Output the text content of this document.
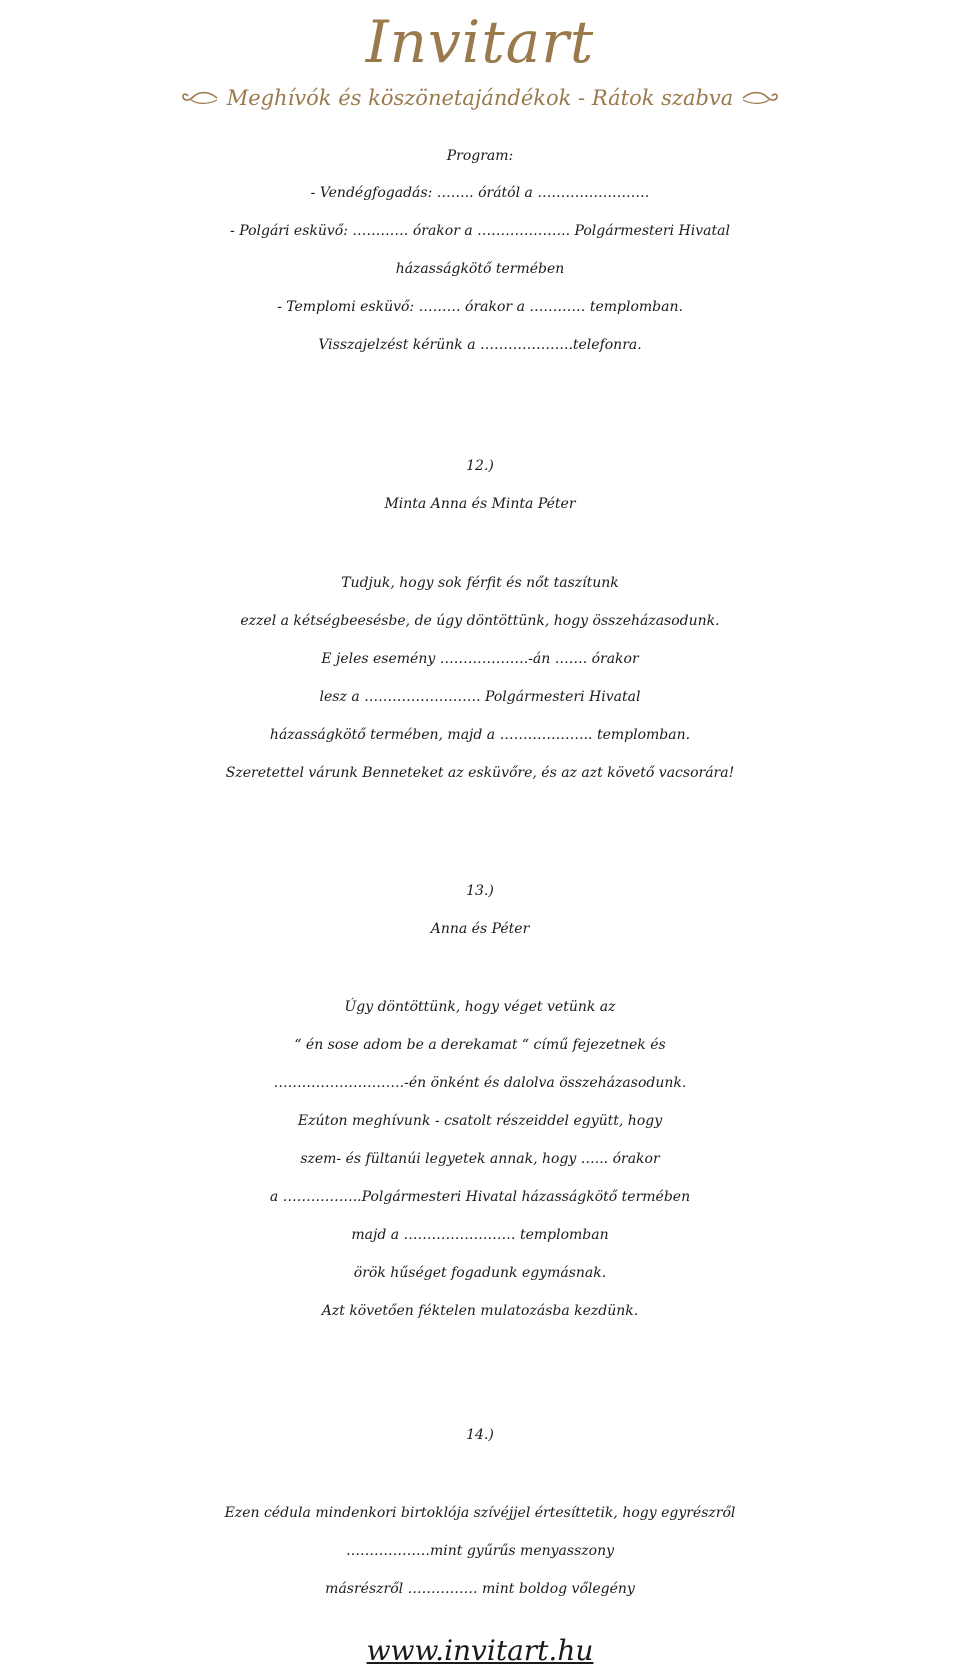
Invitart
Meghívók és köszönetajándékok - Rátok szabva
Program:
- Vendégfogadás: …….. órától a ……………………
- Polgári esküvő: ………… órakor a ……………….. Polgármesteri Hivatal
házasságkötő termében
- Templomi esküvő: ……… órakor a ………… templomban.
Visszajelzést kérünk a ………………..telefonra.
12.)
Minta Anna és Minta Péter
Tudjuk, hogy sok férfit és nőt taszítunk
ezzel a kétségbeesésbe, de úgy döntöttünk, hogy összeházasodunk.
E jeles esemény ……………….-án ……. órakor
lesz a ……………………. Polgármesteri Hivatal
házasságkötő termében, majd a ……………….. templomban.
Szeretettel várunk Benneteket az esküvőre, és az azt követő vacsorára!
13.)
Anna és Péter
Úgy döntöttünk, hogy véget vetünk az
“ én sose adom be a derekamat “ című fejezetnek és
……………………….-én önként és dalolva összeházasodunk.
Ezúton meghívunk - csatolt részeiddel együtt, hogy
szem- és fültanúi legyetek annak, hogy …... órakor
a ……………..Polgármesteri Hivatal házasságkötő termében
majd a …………………… templomban
örök hűséget fogadunk egymásnak.
Azt követően féktelen mulatozásba kezdünk.
14.)
Ezen cédula mindenkori birtoklója szívéjjel értesíttetik, hogy egyrészről
………………mint gyűrűs menyasszony
másrészről …………… mint boldog vőlegény
www.invitart.hu
